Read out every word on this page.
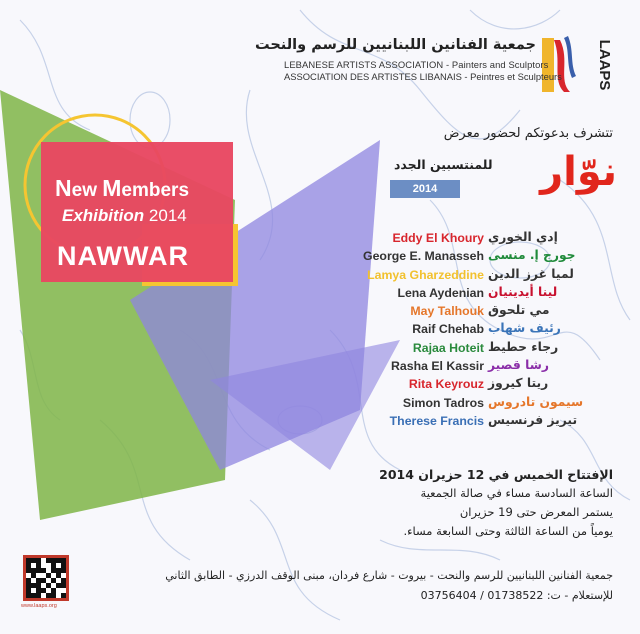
LAAPS
جمعية الفنانين اللبنانيين للرسم والنحت
LEBANESE ARTISTS ASSOCIATION - Painters and Sculptors
ASSOCIATION DES ARTISTES LIBANAIS - Peintres et Sculpteurs
تتشرف بدعوتكم لحضور معرض
نوّار
للمنتسبين الجدد
2014
New Members
Exhibition 2014
NAWWAR
Eddy El Khoury إدي الخوري
George E. Manasseh جورج إ. منسى
Lamya Gharzeddine لميا غرز الدين
Lena Aydenian لينا أيدينيان
May Talhouk مي تلحوق
Raif Chehab رئيف شهاب
Rajaa Hoteit رجاء حطيط
Rasha El Kassir رشا قصير
Rita Keyrouz ريتا كيروز
Simon Tadros سيمون تادروس
Therese Francis تيريز فرنسيس
الإفتتاح الخميس في 12 حزيران 2014
الساعة السادسة مساء في صالة الجمعية
يستمر المعرض حتى 19 حزيران
يومياً من الساعة الثالثة وحتى السابعة مساء.
جمعية الفنانين اللبنانيين للرسم والنحت - بيروت - شارع فردان، مبنى الوقف الدرزي - الطابق الثاني
للإستعلام - ت: 01738522 / 03756404
www.laaps.org
